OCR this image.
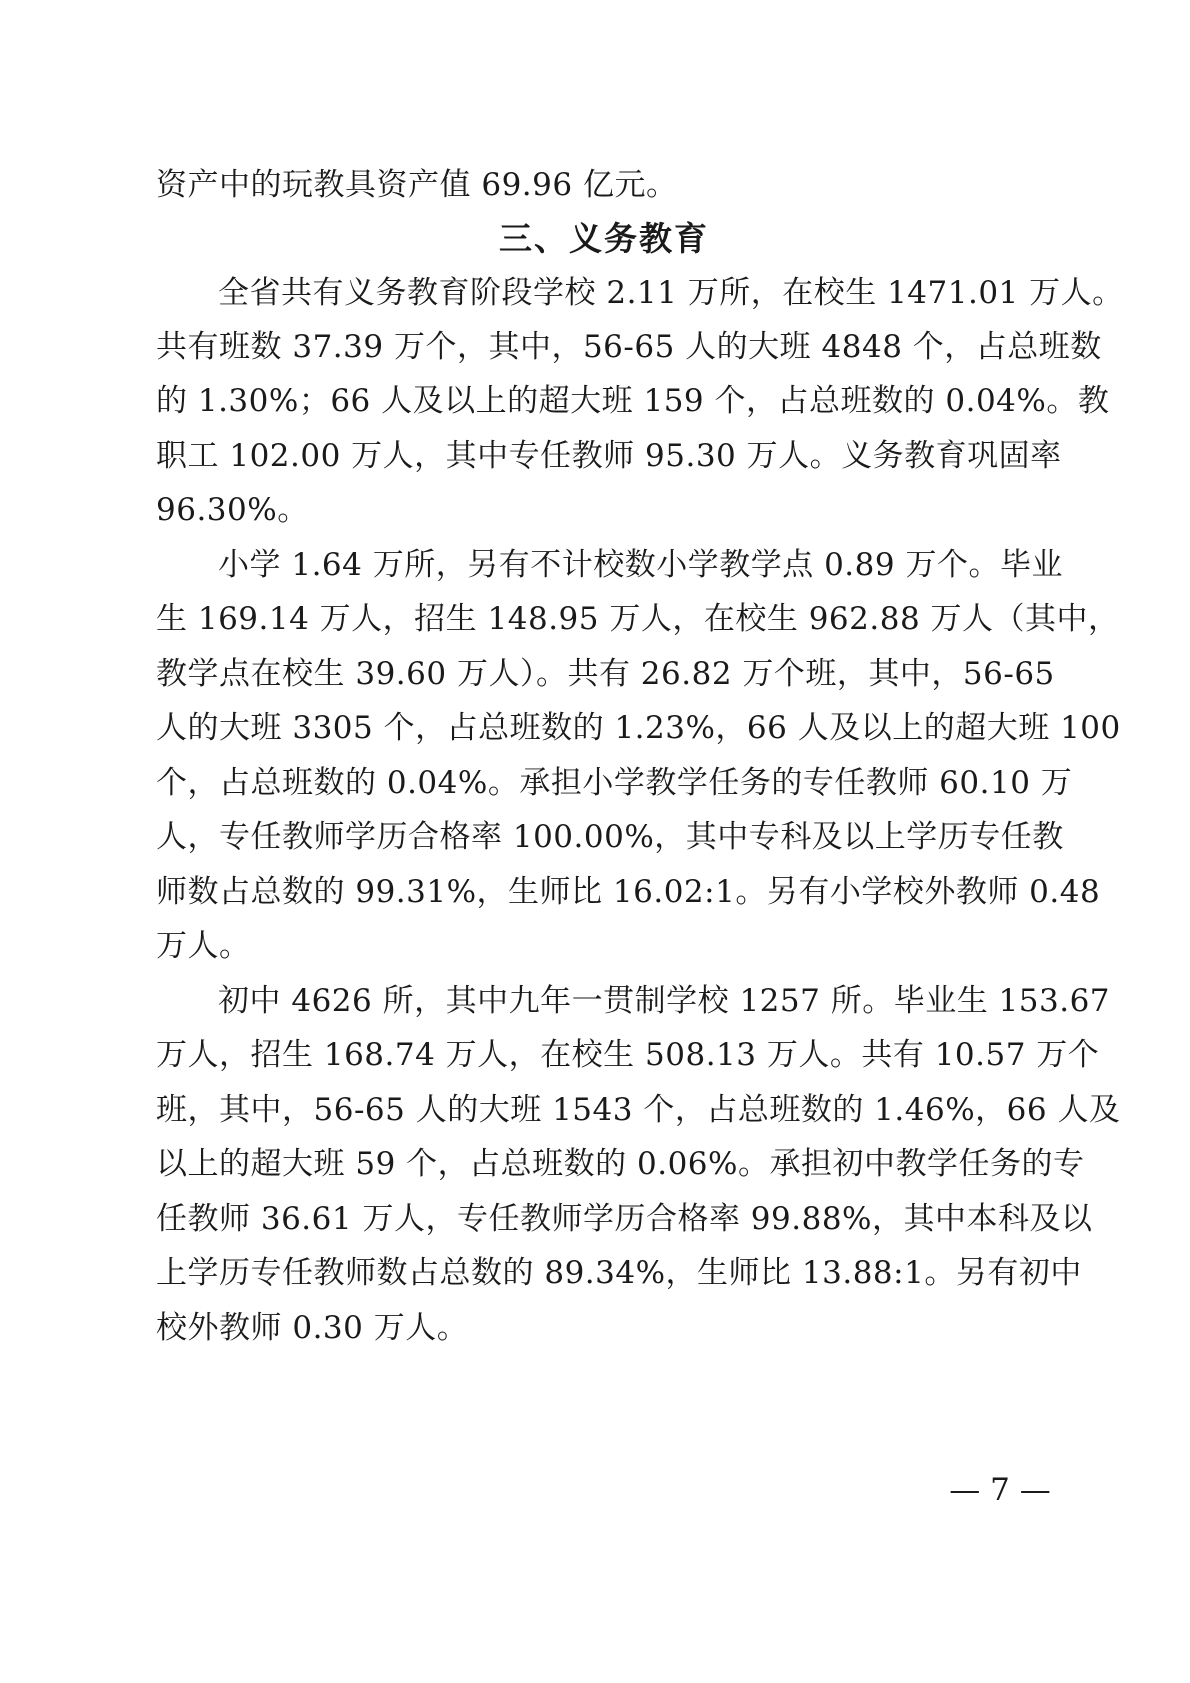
资产中的玩教具资产值 69.96 亿元。
三、义务教育
全省共有义务教育阶段学校 2.11 万所，在校生 1471.01 万人。
共有班数 37.39 万个，其中，56-65 人的大班 4848 个，占总班数
的 1.30%；66 人及以上的超大班 159 个，占总班数的 0.04%。教
职工 102.00 万人，其中专任教师 95.30 万人。义务教育巩固率
96.30%。
小学 1.64 万所，另有不计校数小学教学点 0.89 万个。毕业
生 169.14 万人，招生 148.95 万人，在校生 962.88 万人（其中，
教学点在校生 39.60 万人）。共有 26.82 万个班，其中，56-65
人的大班 3305 个，占总班数的 1.23%，66 人及以上的超大班 100
个，占总班数的 0.04%。承担小学教学任务的专任教师 60.10 万
人，专任教师学历合格率 100.00%，其中专科及以上学历专任教
师数占总数的 99.31%，生师比 16.02:1。另有小学校外教师 0.48
万人。
初中 4626 所，其中九年一贯制学校 1257 所。毕业生 153.67
万人，招生 168.74 万人，在校生 508.13 万人。共有 10.57 万个
班，其中，56-65 人的大班 1543 个，占总班数的 1.46%，66 人及
以上的超大班 59 个，占总班数的 0.06%。承担初中教学任务的专
任教师 36.61 万人，专任教师学历合格率 99.88%，其中本科及以
上学历专任教师数占总数的 89.34%，生师比 13.88:1。另有初中
校外教师 0.30 万人。
— 7 —
